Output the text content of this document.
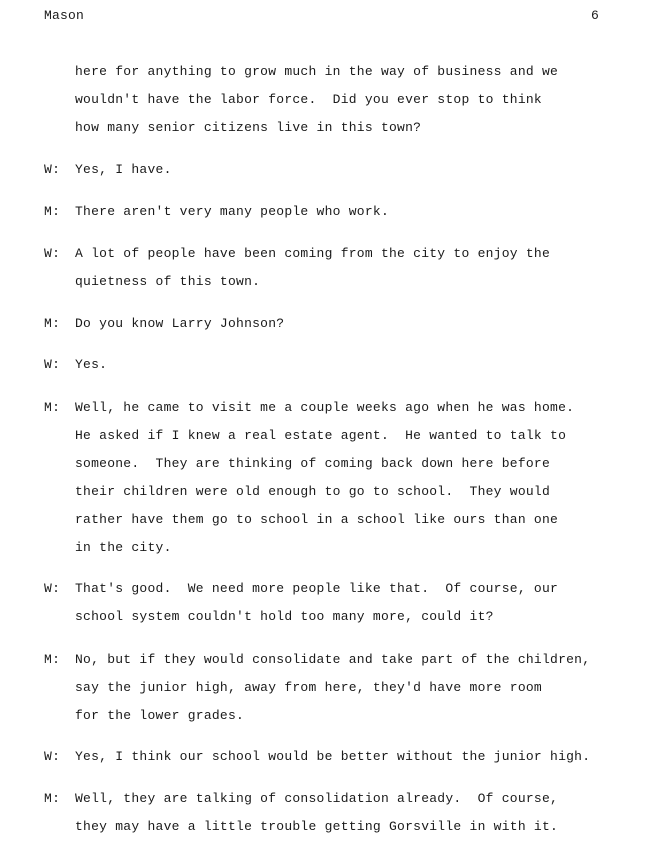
Mason	6
here for anything to grow much in the way of business and we
wouldn't have the labor force.  Did you ever stop to think
how many senior citizens live in this town?
W: Yes, I have.
M: There aren't very many people who work.
W: A lot of people have been coming from the city to enjoy the
quietness of this town.
M: Do you know Larry Johnson?
W: Yes.
M: Well, he came to visit me a couple weeks ago when he was home.
He asked if I knew a real estate agent.  He wanted to talk to
someone.  They are thinking of coming back down here before
their children were old enough to go to school.  They would
rather have them go to school in a school like ours than one
in the city.
W: That's good.  We need more people like that.  Of course, our
school system couldn't hold too many more, could it?
M: No, but if they would consolidate and take part of the children,
say the junior high, away from here, they'd have more room
for the lower grades.
W: Yes, I think our school would be better without the junior high.
M: Well, they are talking of consolidation already.  Of course,
they may have a little trouble getting Gorsville in with it.
